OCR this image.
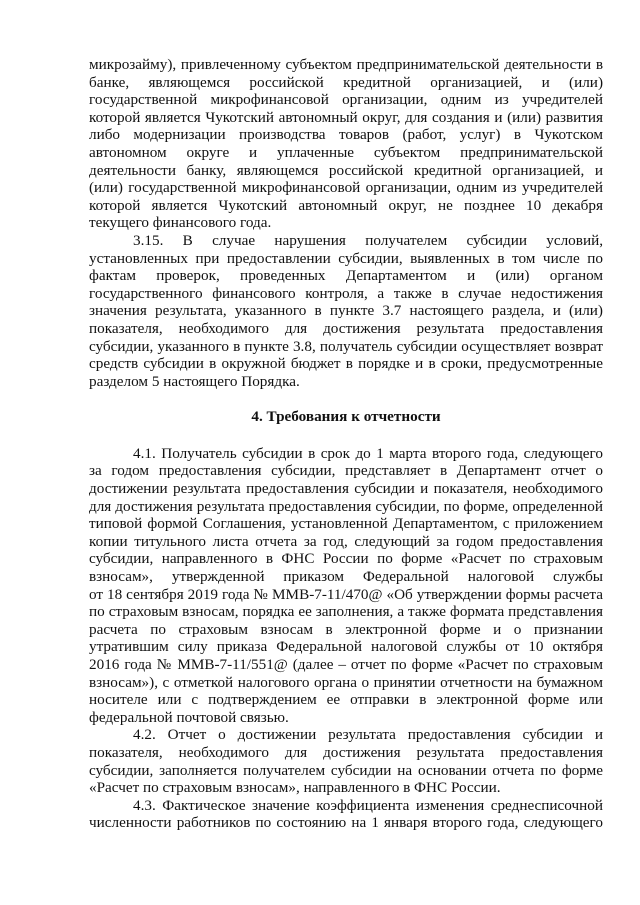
микрозайму), привлеченному субъектом предпринимательской деятельности в
банке, являющемся российской кредитной организацией, и (или)
государственной микрофинансовой организации, одним из учредителей
которой является Чукотский автономный округ, для создания и (или) развития
либо модернизации производства товаров (работ, услуг) в Чукотском
автономном округе и уплаченные субъектом предпринимательской
деятельности банку, являющемся российской кредитной организацией, и
(или) государственной микрофинансовой организации, одним из учредителей
которой является Чукотский автономный округ, не позднее 10 декабря
текущего финансового года.
3.15. В случае нарушения получателем субсидии условий,
установленных при предоставлении субсидии, выявленных в том числе по
фактам проверок, проведенных Департаментом и (или) органом
государственного финансового контроля, а также в случае недостижения
значения результата, указанного в пункте 3.7 настоящего раздела, и (или)
показателя, необходимого для достижения результата предоставления
субсидии, указанного в пункте 3.8, получатель субсидии осуществляет возврат
средств субсидии в окружной бюджет в порядке и в сроки, предусмотренные
разделом 5 настоящего Порядка.
4. Требования к отчетности
4.1. Получатель субсидии в срок до 1 марта второго года, следующего
за годом предоставления субсидии, представляет в Департамент отчет о
достижении результата предоставления субсидии и показателя, необходимого
для достижения результата предоставления субсидии, по форме, определенной
типовой формой Соглашения, установленной Департаментом, с приложением
копии титульного листа отчета за год, следующий за годом предоставления
субсидии, направленного в ФНС России по форме «Расчет по страховым
взносам», утвержденной приказом Федеральной налоговой службы
от 18 сентября 2019 года № ММВ-7-11/470@ «Об утверждении формы расчета
по страховым взносам, порядка ее заполнения, а также формата представления
расчета по страховым взносам в электронной форме и о признании
утратившим силу приказа Федеральной налоговой службы от 10 октября
2016 года № ММВ-7-11/551@ (далее – отчет по форме «Расчет по страховым
взносам»), с отметкой налогового органа о принятии отчетности на бумажном
носителе или с подтверждением ее отправки в электронной форме или
федеральной почтовой связью.
4.2. Отчет о достижении результата предоставления субсидии и
показателя, необходимого для достижения результата предоставления
субсидии, заполняется получателем субсидии на основании отчета по форме
«Расчет по страховым взносам», направленного в ФНС России.
4.3. Фактическое значение коэффициента изменения среднесписочной
численности работников по состоянию на 1 января второго года, следующего
